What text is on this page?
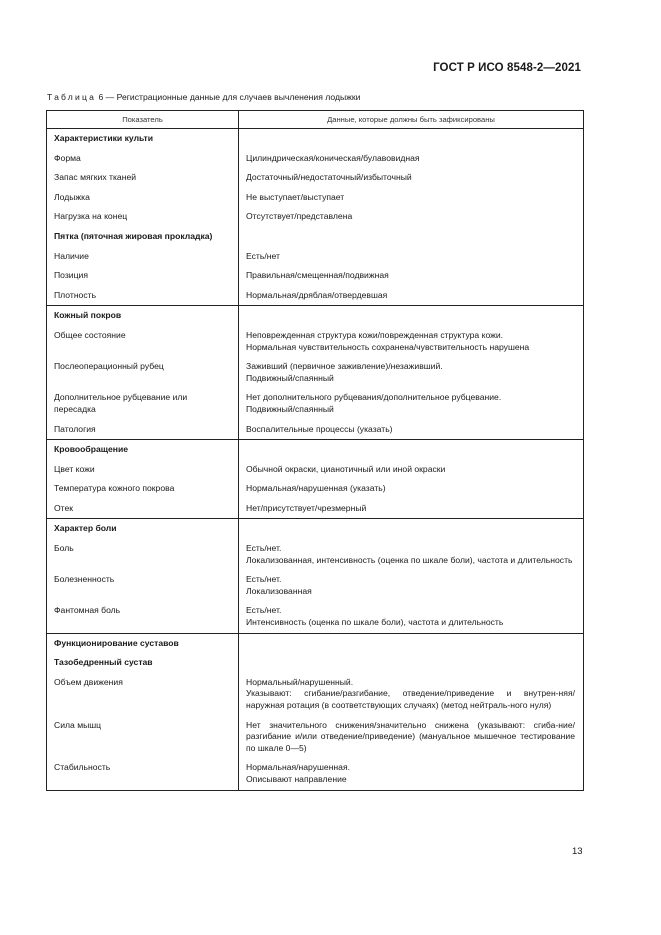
ГОСТ Р ИСО 8548-2—2021
Таблица 6 — Регистрационные данные для случаев вычленения лодыжки
Показатель	Данные, которые должны быть зафиксированы
Характеристики культи	
Форма	Цилиндрическая/коническая/булавовидная

Запас мягких тканей	Достаточный/недостаточный/избыточный

Лодыжка	Не выступает/выступает

Нагрузка на конец	Отсутствует/представлена

Пятка (пяточная жировая прокладка)	
Наличие	Есть/нет

Позиция	Правильная/смещенная/подвижная

Плотность	Нормальная/дряблая/отвердевшая

Кожный покров	
Общее состояние	Неповрежденная структура кожи/поврежденная структура кожи.
Нормальная чувствительность сохранена/чувствительность нарушена

Послеоперационный рубец	Заживший (первичное заживление)/незаживший.
Подвижный/спаянный

Дополнительное рубцевание или пересадка	Нет дополнительного рубцевания/дополнительное рубцевание.
Подвижный/спаянный

Патология	Воспалительные процессы (указать)

Кровообращение	
Цвет кожи	Обычной окраски, цианотичный или иной окраски

Температура кожного покрова	Нормальная/нарушенная (указать)

Отек	Нет/присутствует/чрезмерный

Характер боли	
Боль	Есть/нет.
Локализованная, интенсивность (оценка по шкале боли), частота и длительность

Болезненность	Есть/нет.
Локализованная

Фантомная боль	Есть/нет.
Интенсивность (оценка по шкале боли), частота и длительность

Функционирование суставов	
Тазобедренный сустав	
Объем движения	Нормальный/нарушенный.
Указывают: сгибание/разгибание, отведение/приведение и внутрен-няя/ наружная ротация (в соответствующих случаях) (метод нейтраль-ного нуля)

Сила мышц	Нет значительного снижения/значительно снижена (указывают: сгиба-ние/разгибание и/или отведение/приведение) (мануальное мышечное тестирование по шкале 0—5)

Стабильность	Нормальная/нарушенная.
Описывают направление

13
